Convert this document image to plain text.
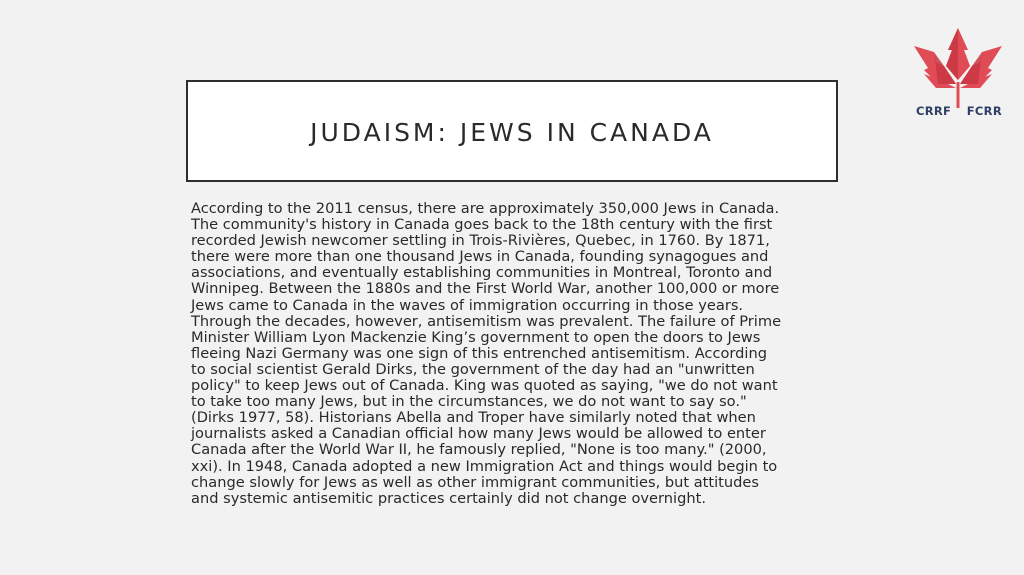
CRRF FCRR
JUDAISM: JEWS IN CANADA

According to the 2011 census, there are approximately 350,000 Jews in Canada.
The community's history in Canada goes back to the 18th century with the first
recorded Jewish newcomer settling in Trois-Rivières, Quebec, in 1760. By 1871,
there were more than one thousand Jews in Canada, founding synagogues and
associations, and eventually establishing communities in Montreal, Toronto and
Winnipeg. Between the 1880s and the First World War, another 100,000 or more
Jews came to Canada in the waves of immigration occurring in those years.
Through the decades, however, antisemitism was prevalent. The failure of Prime
Minister William Lyon Mackenzie King’s government to open the doors to Jews
fleeing Nazi Germany was one sign of this entrenched antisemitism. According
to social scientist Gerald Dirks, the government of the day had an "unwritten
policy" to keep Jews out of Canada. King was quoted as saying, "we do not want
to take too many Jews, but in the circumstances, we do not want to say so."
(Dirks 1977, 58). Historians Abella and Troper have similarly noted that when
journalists asked a Canadian official how many Jews would be allowed to enter
Canada after the World War II, he famously replied, "None is too many." (2000,
xxi). In 1948, Canada adopted a new Immigration Act and things would begin to
change slowly for Jews as well as other immigrant communities, but attitudes
and systemic antisemitic practices certainly did not change overnight.
